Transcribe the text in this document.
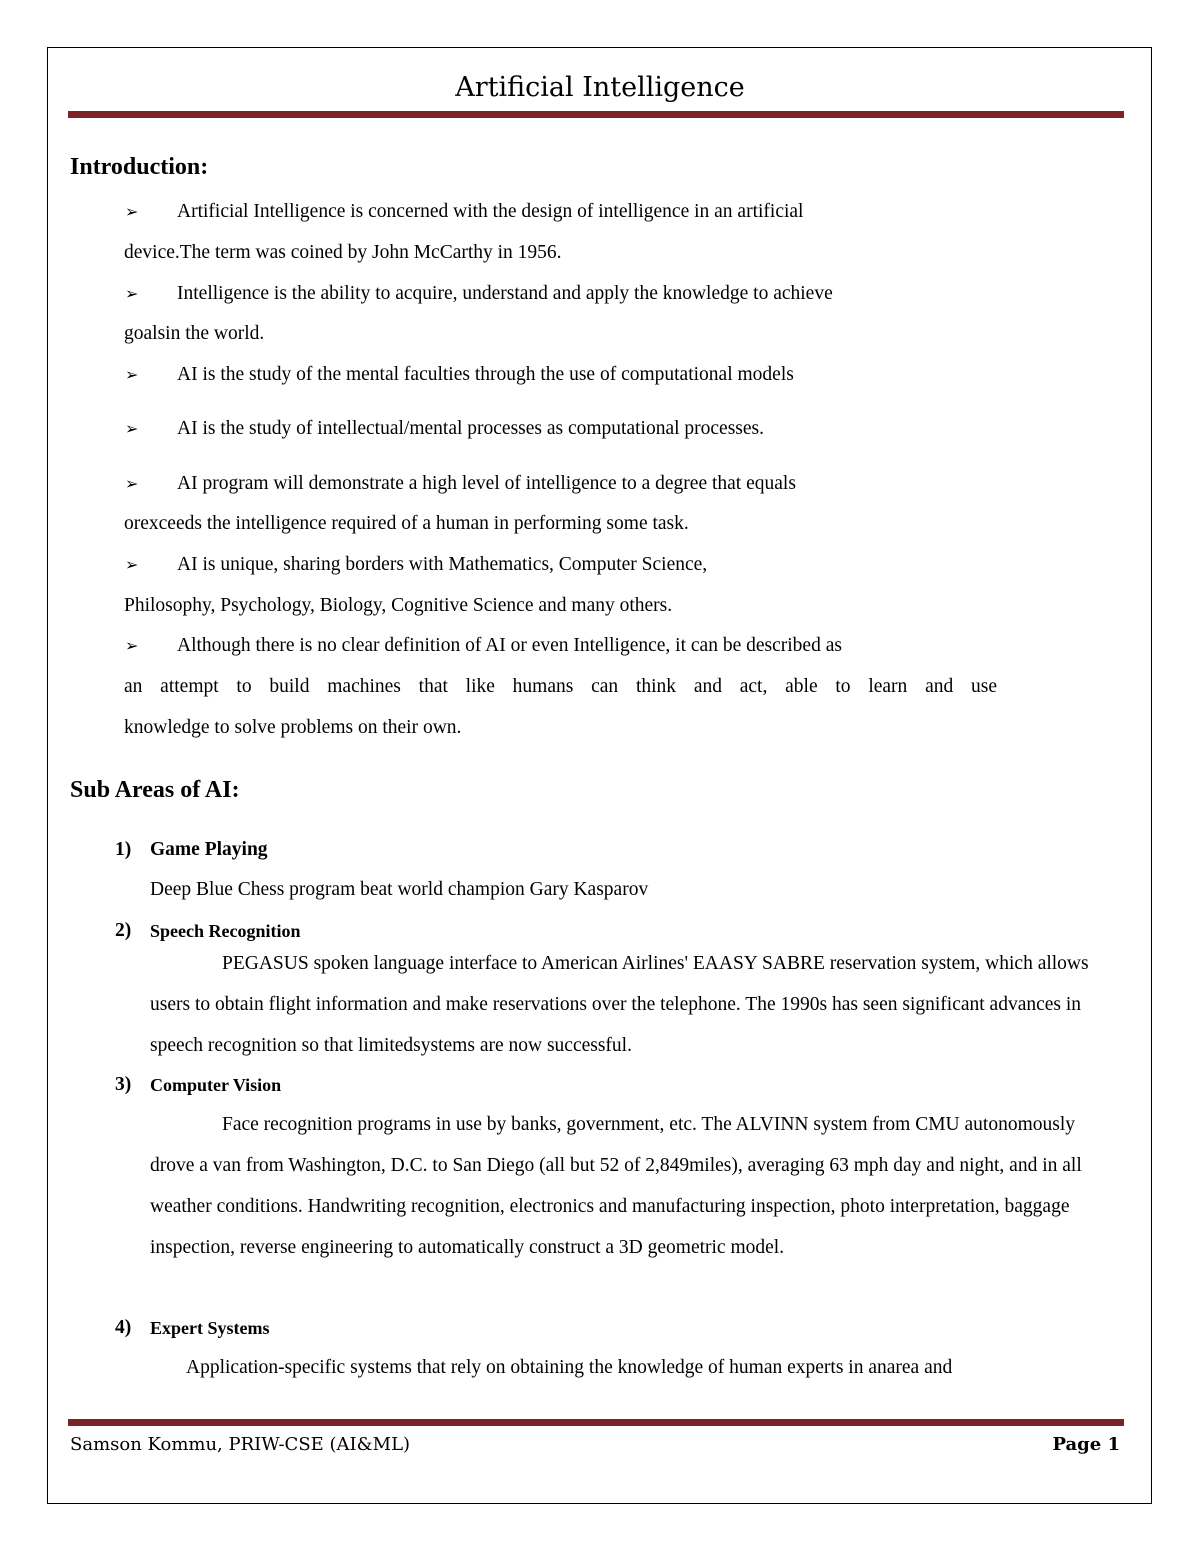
Artificial Intelligence
Introduction:
➢ Artificial Intelligence is concerned with the design of intelligence in an artificial
device.The term was coined by John McCarthy in 1956.
➢ Intelligence is the ability to acquire, understand and apply the knowledge to achieve
goalsin the world.
➢ AI is the study of the mental faculties through the use of computational models
➢ AI is the study of intellectual/mental processes as computational processes.
➢ AI program will demonstrate a high level of intelligence to a degree that equals
orexceeds the intelligence required of a human in performing some task.
➢ AI is unique, sharing borders with Mathematics, Computer Science,
Philosophy, Psychology, Biology, Cognitive Science and many others.
➢ Although there is no clear definition of AI or even Intelligence, it can be described as
an attempt to build machines that like humans can think and act, able to learn and use
knowledge to solve problems on their own.
Sub Areas of AI:
1) Game Playing
Deep Blue Chess program beat world champion Gary Kasparov
2) Speech Recognition
PEGASUS spoken language interface to American Airlines' EAASY SABRE reservation system, which allows users to obtain flight information and make reservations over the telephone. The 1990s has seen significant advances in speech recognition so that limitedsystems are now successful.
3) Computer Vision
Face recognition programs in use by banks, government, etc. The ALVINN system from CMU autonomously drove a van from Washington, D.C. to San Diego (all but 52 of 2,849miles), averaging 63 mph day and night, and in all weather conditions. Handwriting recognition, electronics and manufacturing inspection, photo interpretation, baggage inspection, reverse engineering to automatically construct a 3D geometric model.
4) Expert Systems
Application-specific systems that rely on obtaining the knowledge of human experts in anarea and
Samson Kommu, PRIW-CSE (AI&ML)	Page 1
